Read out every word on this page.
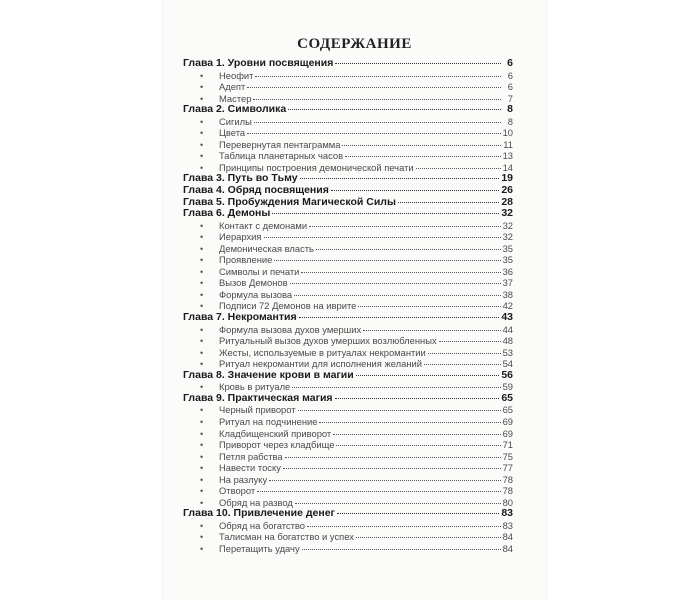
СОДЕРЖАНИЕ
Глава 1. Уровни посвящения	6
•	Неофит	6
•	Адепт	6
•	Мастер	7
Глава 2. Символика	8
•	Сигилы	8
•	Цвета	10
•	Перевернутая пентаграмма	11
•	Таблица планетарных часов	13
•	Принципы построения демонической печати	14
Глава 3. Путь во Тьму	19
Глава 4. Обряд посвящения	26
Глава 5. Пробуждения Магической Силы	28
Глава 6. Демоны	32
•	Контакт с демонами	32
•	Иерархия	32
•	Демоническая власть	35
•	Проявление	35
•	Символы и печати	36
•	Вызов Демонов	37
•	Формула вызова	38
•	Подписи 72 Демонов на иврите	42
Глава 7. Некромантия	43
•	Формула вызова духов умерших	44
•	Ритуальный вызов духов умерших возлюбленных	48
•	Жесты, используемые в ритуалах некромантии	53
•	Ритуал некромантии для исполнения желаний	54
Глава 8. Значение крови в магии	56
•	Кровь в ритуале	59
Глава 9. Практическая магия	65
•	Черный приворот	65
•	Ритуал на подчинение	69
•	Кладбищенский приворот	69
•	Приворот через кладбище	71
•	Петля рабства	75
•	Навести тоску	77
•	На разлуку	78
•	Отворот	78
•	Обряд на развод	80
Глава 10. Привлечение денег	83
•	Обряд на богатство	83
•	Талисман на богатство и успех	84
•	Перетащить удачу	84
